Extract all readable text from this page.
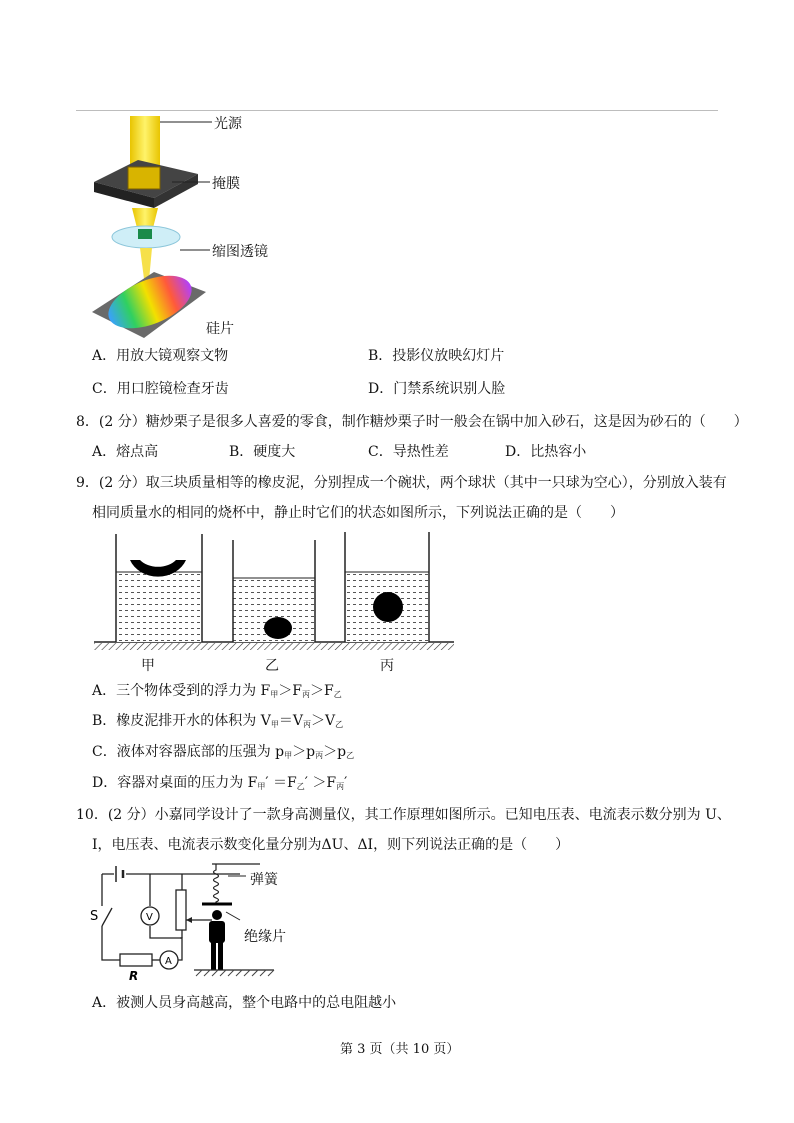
光源
掩膜
缩图透镜
硅片
A．用放大镜观察文物	B．投影仪放映幻灯片
C．用口腔镜检查牙齿	D．门禁系统识别人脸
8．(2 分）糖炒栗子是很多人喜爱的零食，制作糖炒栗子时一般会在锅中加入砂石，这是因为砂石的（　　）
A．熔点高	B．硬度大	C．导热性差	D．比热容小
9．(2 分）取三块质量相等的橡皮泥，分别捏成一个碗状，两个球状（其中一只球为空心），分别放入装有
相同质量水的相同的烧杯中，静止时它们的状态如图所示，下列说法正确的是（　　）
甲	乙	丙
A．三个物体受到的浮力为 $F_甲>F_丙>F_乙$
B．橡皮泥排开水的体积为 $V_甲=V_丙>V_乙$
C．液体对容器底部的压强为 $p_甲>p_丙>p_乙$
D．容器对桌面的压力为 $F_甲' =F_乙' >F_丙'$
10．(2 分）小嘉同学设计了一款身高测量仪，其工作原理如图所示。已知电压表、电流表示数分别为 U、
I，电压表、电流表示数变化量分别为ΔU、ΔI，则下列说法正确的是（　　）
S
R
V
A
弹簧
绝缘片
A．被测人员身高越高，整个电路中的总电阻越小
第 3 页（共 10 页）
